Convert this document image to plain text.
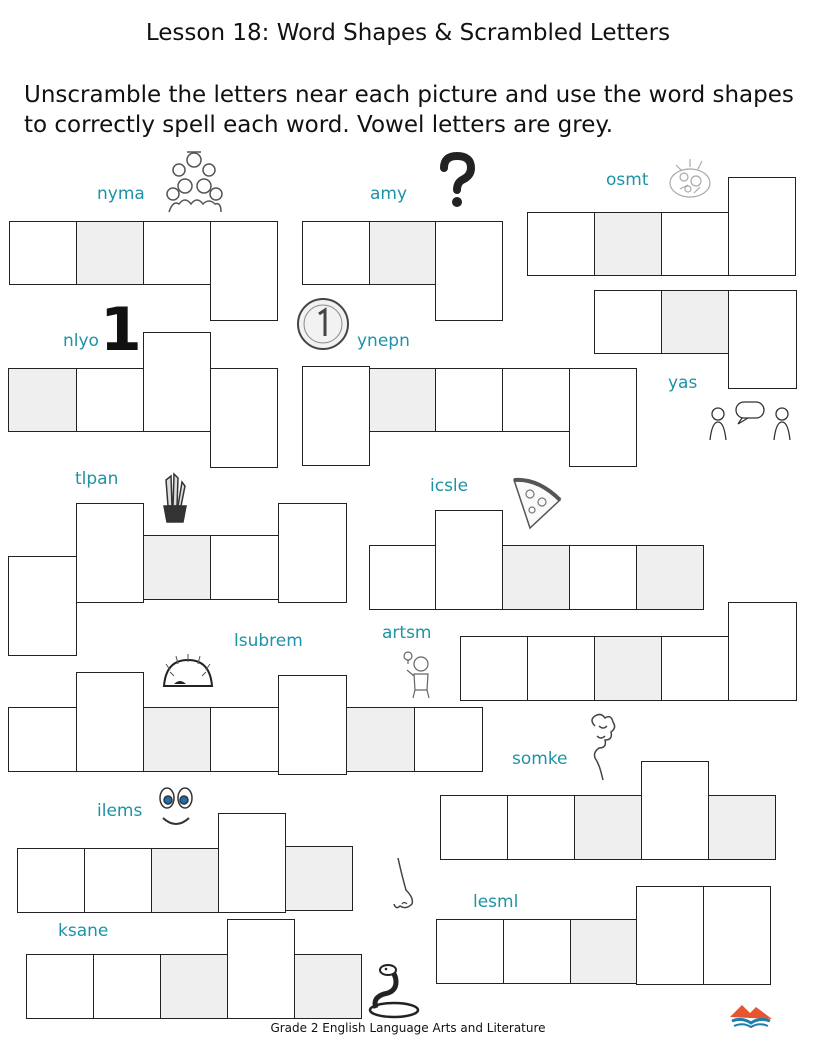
Lesson 18: Word Shapes & Scrambled Letters
Unscramble the letters near each picture and use the word shapes to correctly spell each word. Vowel letters are grey.
nyma	amy
osmt
nlyo	ynepn
yas
tlpan	icsle
lsubrem	artsm
somke
ilems
lesml
ksane
1
Grade 2 English Language Arts and Literature
